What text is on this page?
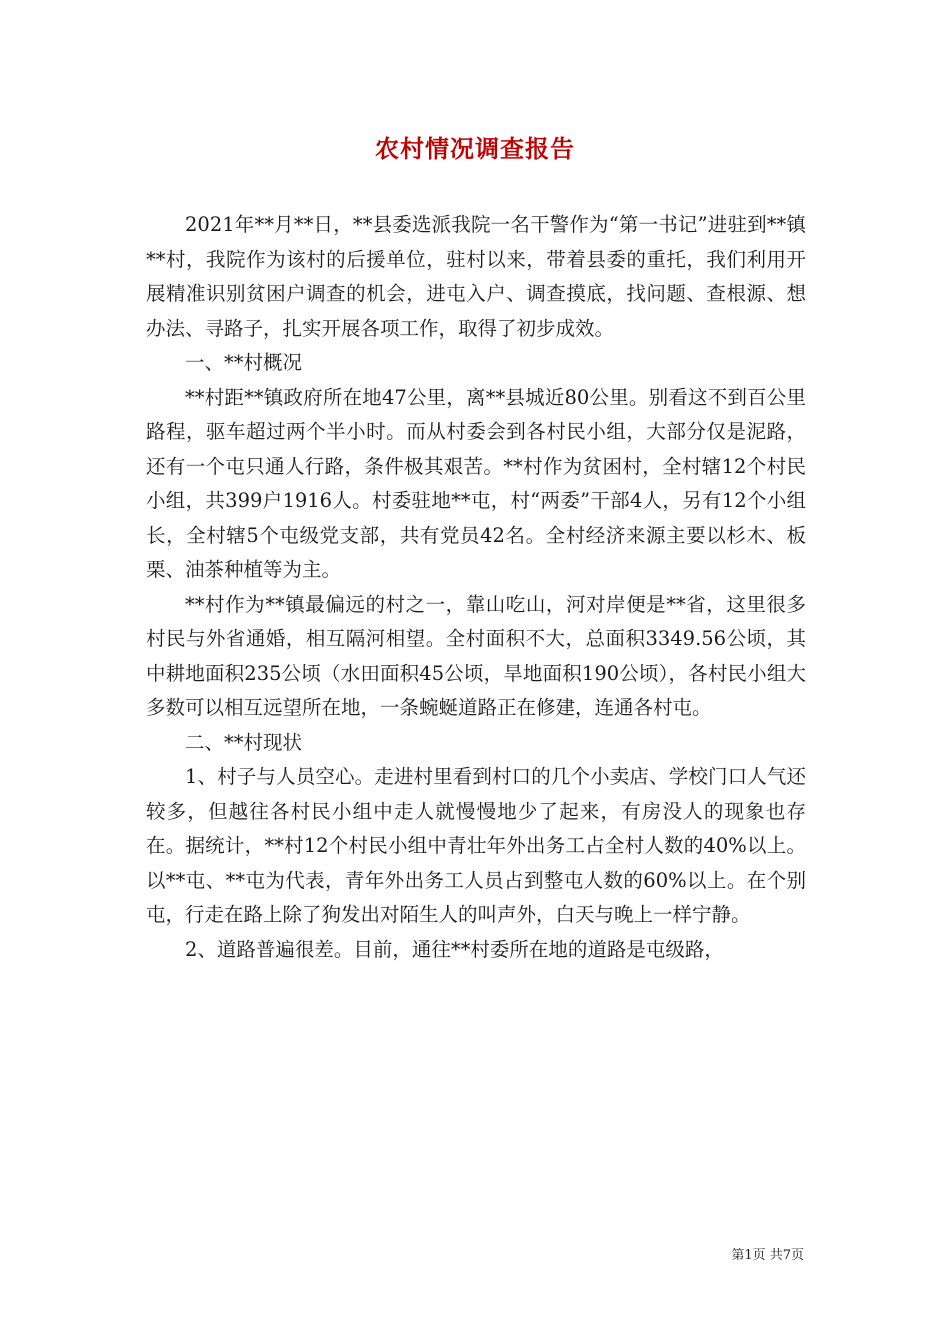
农村情况调查报告

2021年**月**日，**县委选派我院一名干警作为“第一书记”进驻到**镇**村，我院作为该村的后援单位，驻村以来，带着县委的重托，我们利用开展精准识别贫困户调查的机会，进屯入户、调查摸底，找问题、查根源、想办法、寻路子，扎实开展各项工作，取得了初步成效。

一、**村概况

**村距**镇政府所在地47公里，离**县城近80公里。别看这不到百公里路程，驱车超过两个半小时。而从村委会到各村民小组，大部分仅是泥路，还有一个屯只通人行路，条件极其艰苦。**村作为贫困村，全村辖12个村民小组，共399户1916人。村委驻地**屯，村“两委”干部4人，另有12个小组长，全村辖5个屯级党支部，共有党员42名。全村经济来源主要以杉木、板栗、油茶种植等为主。

**村作为**镇最偏远的村之一，靠山吃山，河对岸便是**省，这里很多村民与外省通婚，相互隔河相望。全村面积不大，总面积3349.56公顷，其中耕地面积235公顷（水田面积45公顷，旱地面积190公顷），各村民小组大多数可以相互远望所在地，一条蜿蜒道路正在修建，连通各村屯。

二、**村现状

1、村子与人员空心。走进村里看到村口的几个小卖店、学校门口人气还较多，但越往各村民小组中走人就慢慢地少了起来，有房没人的现象也存在。据统计，**村12个村民小组中青壮年外出务工占全村人数的40%以上。以**屯、**屯为代表，青年外出务工人员占到整屯人数的60%以上。在个别屯，行走在路上除了狗发出对陌生人的叫声外，白天与晚上一样宁静。

2、道路普遍很差。目前，通往**村委所在地的道路是屯级路，

第1页 共7页
